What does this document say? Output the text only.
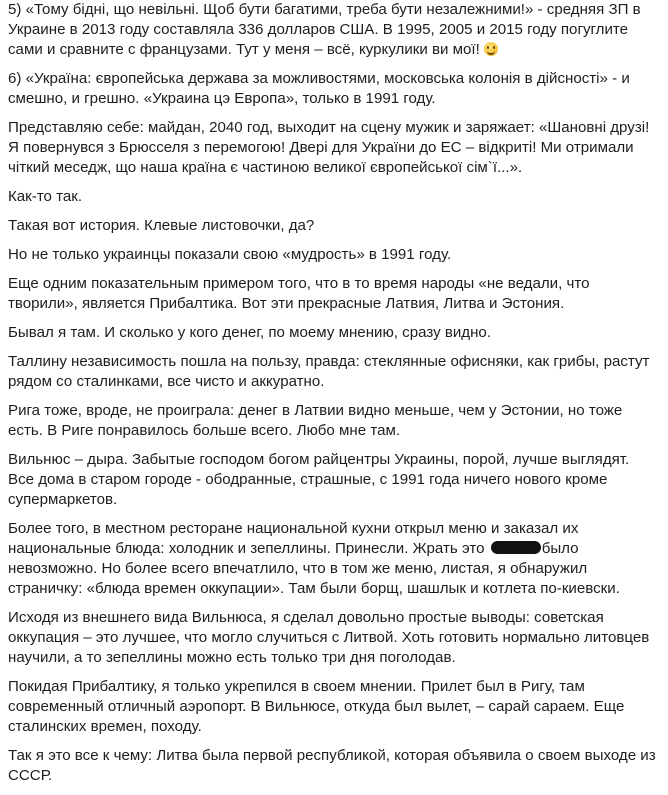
5) «Тому бідні, що невільні. Щоб бути багатими, треба бути незалежними!» - средняя ЗП в Украине в 2013 году составляла 336 долларов США. В 1995, 2005 и 2015 году погуглите сами и сравните с французами. Тут у меня – всё, куркулики ви мої!

6) «Україна: європейська держава за можливостями, московська колонія в дійсності» - и смешно, и грешно. «Украина цэ Европа», только в 1991 году.

Представляю себе: майдан, 2040 год, выходит на сцену мужик и заряжает: «Шановні друзі! Я повернувся з Брюсселя з перемогою! Двері для України до ЕС – відкриті! Ми отримали чіткий меседж, що наша країна є частиною великої європейської сім`ї...».

Как-то так.

Такая вот история. Клевые листовочки, да?

Но не только украинцы показали свою «мудрость» в 1991 году.

Еще одним показательным примером того, что в то время народы «не ведали, что творили», является Прибалтика. Вот эти прекрасные Латвия, Литва и Эстония.

Бывал я там. И сколько у кого денег, по моему мнению, сразу видно.

Таллину независимость пошла на пользу, правда: стеклянные офисняки, как грибы, растут рядом со сталинками, все чисто и аккуратно.

Рига тоже, вроде, не проиграла: денег в Латвии видно меньше, чем у Эстонии, но тоже есть. В Риге понравилось больше всего. Любо мне там.

Вильнюс – дыра. Забытые господом богом райцентры Украины, порой, лучше выглядят. Все дома в старом городе - ободранные, страшные, с 1991 года ничего нового кроме супермаркетов.

Более того, в местном ресторане национальной кухни открыл меню и заказал их национальные блюда: холодник и зепеллины. Принесли. Жрать это	было невозможно. Но более всего впечатлило, что в том же меню, листая, я обнаружил страничку: «блюда времен оккупации». Там были борщ, шашлык и котлета по-киевски.

Исходя из внешнего вида Вильнюса, я сделал довольно простые выводы: советская оккупация – это лучшее, что могло случиться с Литвой. Хоть готовить нормально литовцев научили, а то зепеллины можно есть только три дня поголодав.

Покидая Прибалтику, я только укрепился в своем мнении. Прилет был в Ригу, там современный отличный аэропорт. В Вильнюсе, откуда был вылет, – сарай сараем. Еще сталинских времен, походу.

Так я это все к чему: Литва была первой республикой, которая объявила о своем выходе из СССР.
